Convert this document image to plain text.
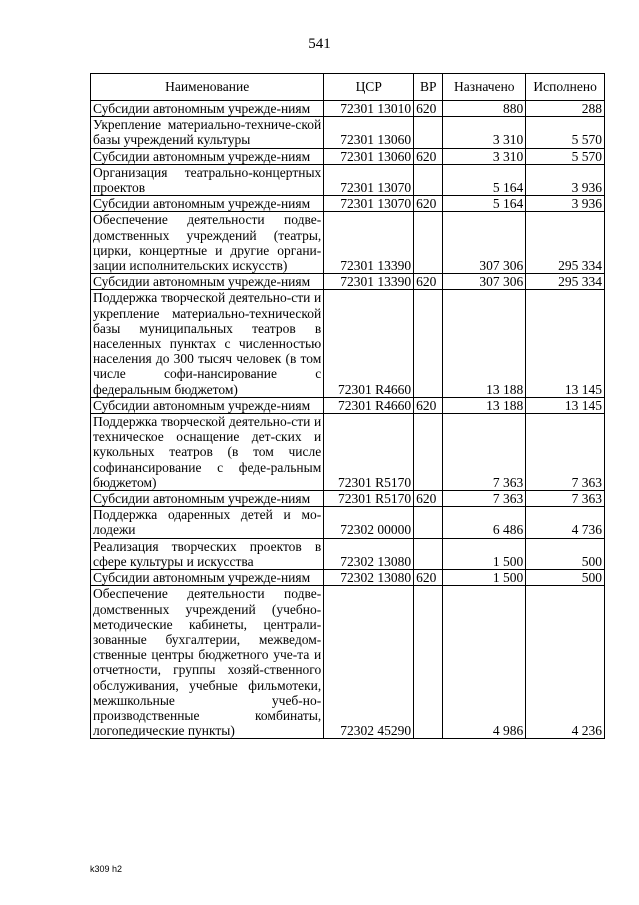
541
Наименование	ЦСР	ВР	Назначено	Исполнено
Субсидии автономным учрежде-ниям	72301 13010	620	880	288
Укрепление материально-техниче-ской базы учреждений культуры	72301 13060		3 310	5 570
Субсидии автономным учрежде-ниям	72301 13060	620	3 310	5 570
Организация театрально-концертных проектов	72301 13070		5 164	3 936
Субсидии автономным учрежде-ниям	72301 13070	620	5 164	3 936
Обеспечение деятельности подве-домственных учреждений (театры, цирки, концертные и другие органи-зации исполнительских искусств)	72301 13390		307 306	295 334
Субсидии автономным учрежде-ниям	72301 13390	620	307 306	295 334
Поддержка творческой деятельно-сти и укрепление материально-технической базы муниципальных театров в населенных пунктах с численностью населения до 300 тысяч человек (в том числе софи-нансирование с федеральным бюджетом)	72301 R4660		13 188	13 145
Субсидии автономным учрежде-ниям	72301 R4660	620	13 188	13 145
Поддержка творческой деятельно-сти и техническое оснащение дет-ских и кукольных театров (в том числе софинансирование с феде-ральным бюджетом)	72301 R5170		7 363	7 363
Субсидии автономным учрежде-ниям	72301 R5170	620	7 363	7 363
Поддержка одаренных детей и мо-лодежи	72302 00000		6 486	4 736
Реализация творческих проектов в сфере культуры и искусства	72302 13080		1 500	500
Субсидии автономным учрежде-ниям	72302 13080	620	1 500	500
Обеспечение деятельности подве-домственных учреждений (учебно-методические кабинеты, централи-зованные бухгалтерии, межведом-ственные центры бюджетного уче-та и отчетности, группы хозяй-ственного обслуживания, учебные фильмотеки, межшкольные учеб-но-производственные комбинаты, логопедические пункты)	72302 45290		4 986	4 236
k309 h2
